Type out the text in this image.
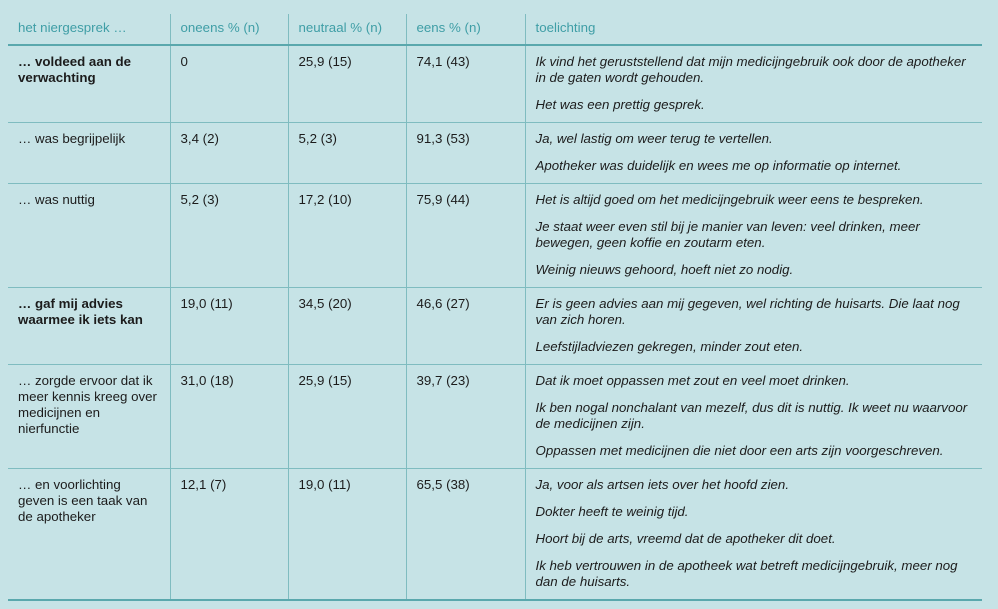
het niergesprek …	oneens % (n)	neutraal % (n)	eens % (n)	toelichting
… voldeed aan de verwachting	0	25,9 (15)	74,1 (43)	Ik vind het geruststellend dat mijn medicijngebruik ook door de apotheker in de gaten wordt gehouden.

Het was een prettig gesprek.

… was begrijpelijk	3,4 (2)	5,2 (3)	91,3 (53)	Ja, wel lastig om weer terug te vertellen.

Apotheker was duidelijk en wees me op informatie op internet.

… was nuttig	5,2 (3)	17,2 (10)	75,9 (44)	Het is altijd goed om het medicijngebruik weer eens te bespreken.

Je staat weer even stil bij je manier van leven: veel drinken, meer bewegen, geen koffie en zoutarm eten.

Weinig nieuws gehoord, hoeft niet zo nodig.

… gaf mij advies waarmee ik iets kan	19,0 (11)	34,5 (20)	46,6 (27)	Er is geen advies aan mij gegeven, wel richting de huisarts. Die laat nog van zich horen.

Leefstijladviezen gekregen, minder zout eten.

… zorgde ervoor dat ik meer kennis kreeg over medicijnen en nierfunctie	31,0 (18)	25,9 (15)	39,7 (23)	Dat ik moet oppassen met zout en veel moet drinken.

Ik ben nogal nonchalant van mezelf, dus dit is nuttig. Ik weet nu waarvoor de medicijnen zijn.

Oppassen met medicijnen die niet door een arts zijn voorgeschreven.

… en voorlichting geven is een taak van de apotheker	12,1 (7)	19,0 (11)	65,5 (38)	Ja, voor als artsen iets over het hoofd zien.

Dokter heeft te weinig tijd.

Hoort bij de arts, vreemd dat de apotheker dit doet.

Ik heb vertrouwen in de apotheek wat betreft medicijngebruik, meer nog dan de huisarts.
